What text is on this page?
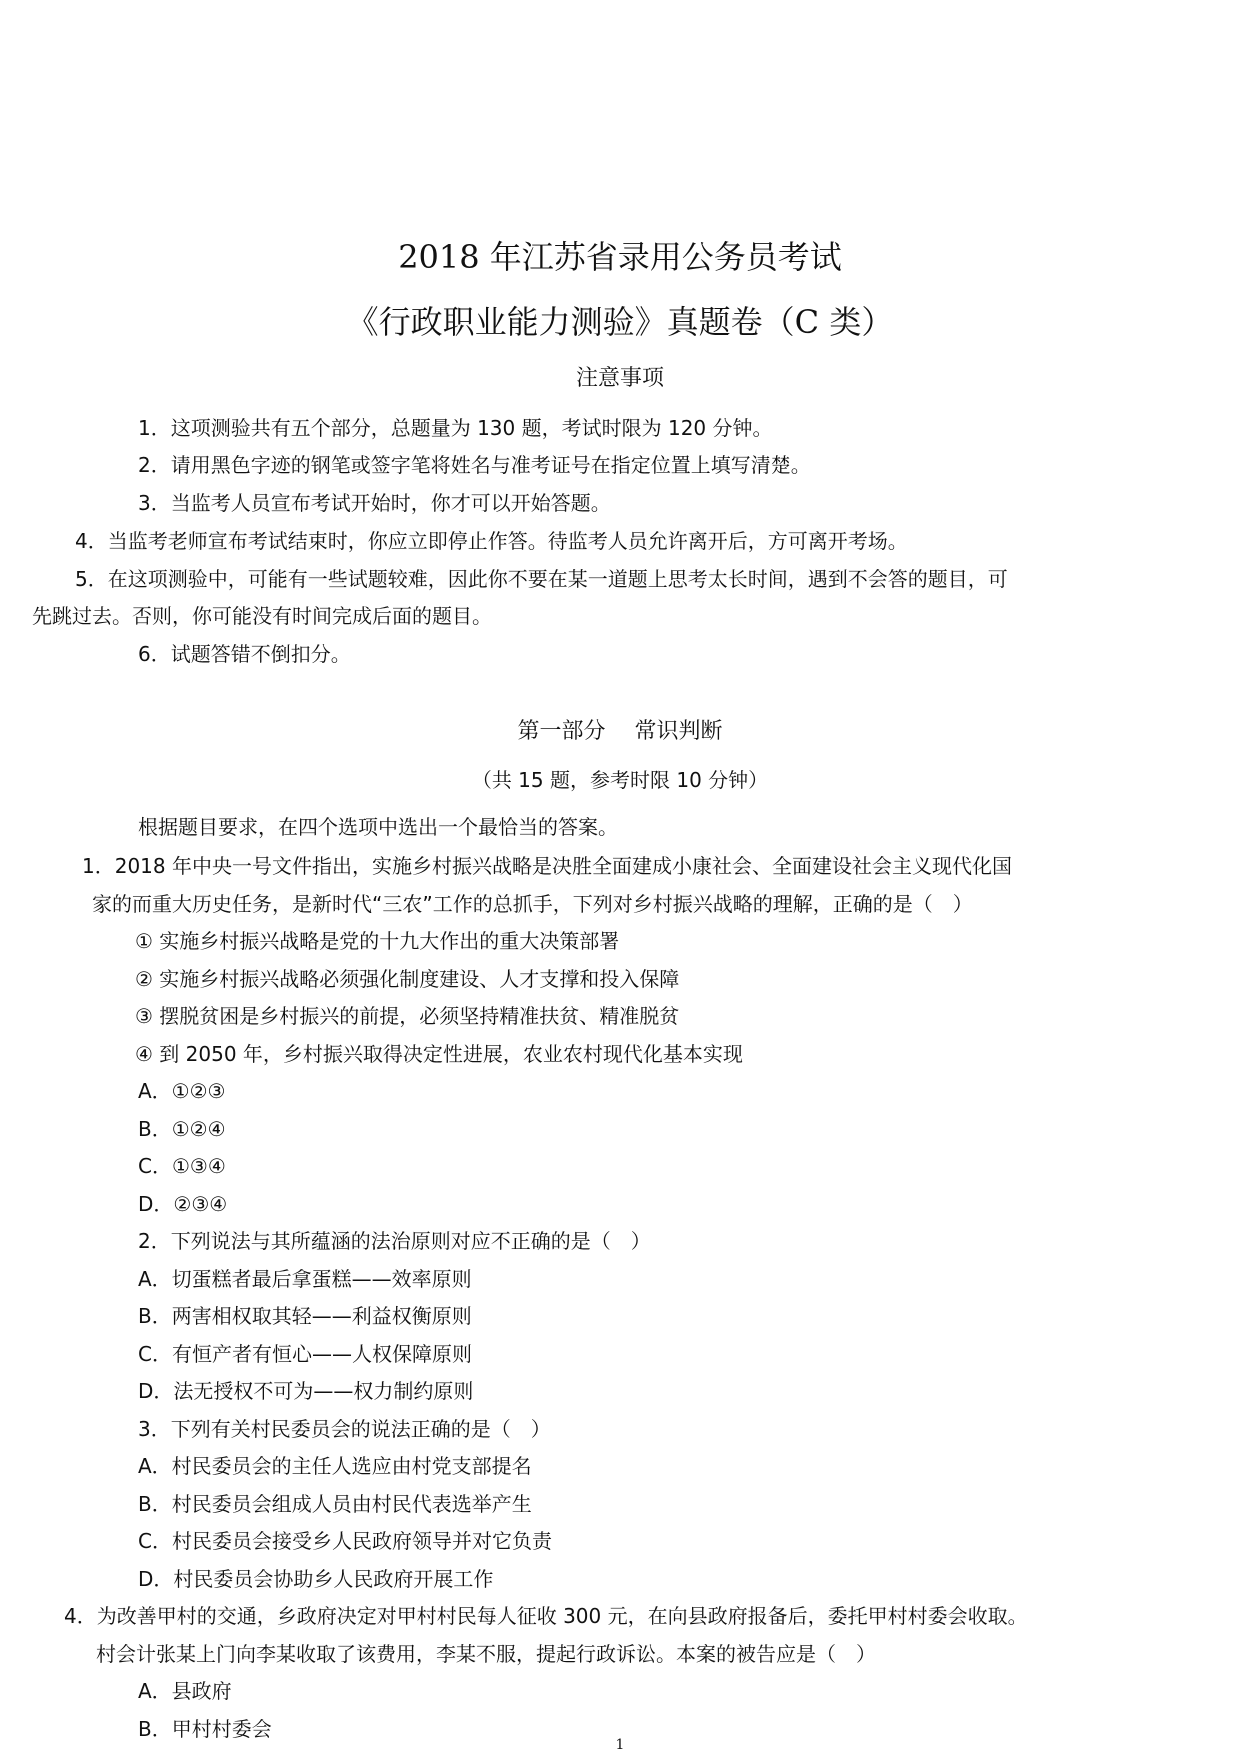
2018 年江苏省录用公务员考试
《行政职业能力测验》真题卷（C 类）
注意事项
1．这项测验共有五个部分，总题量为 130 题，考试时限为 120 分钟。
2．请用黑色字迹的钢笔或签字笔将姓名与准考证号在指定位置上填写清楚。
3．当监考人员宣布考试开始时，你才可以开始答题。
4．当监考老师宣布考试结束时，你应立即停止作答。待监考人员允许离开后，方可离开考场。
5．在这项测验中，可能有一些试题较难，因此你不要在某一道题上思考太长时间，遇到不会答的题目，可
先跳过去。否则，你可能没有时间完成后面的题目。
6．试题答错不倒扣分。
第一部分　 常识判断
（共 15 题，参考时限 10 分钟）
根据题目要求，在四个选项中选出一个最恰当的答案。
1．2018 年中央一号文件指出，实施乡村振兴战略是决胜全面建成小康社会、全面建设社会主义现代化国
家的而重大历史任务，是新时代“三农”工作的总抓手，下列对乡村振兴战略的理解，正确的是（　）
① 实施乡村振兴战略是党的十九大作出的重大决策部署
② 实施乡村振兴战略必须强化制度建设、人才支撑和投入保障
③ 摆脱贫困是乡村振兴的前提，必须坚持精准扶贫、精准脱贫
④ 到 2050 年，乡村振兴取得决定性进展，农业农村现代化基本实现
A．①②③
B．①②④
C．①③④
D．②③④
2．下列说法与其所蕴涵的法治原则对应不正确的是（　）
A．切蛋糕者最后拿蛋糕——效率原则
B．两害相权取其轻——利益权衡原则
C．有恒产者有恒心——人权保障原则
D．法无授权不可为——权力制约原则
3．下列有关村民委员会的说法正确的是（　）
A．村民委员会的主任人选应由村党支部提名
B．村民委员会组成人员由村民代表选举产生
C．村民委员会接受乡人民政府领导并对它负责
D．村民委员会协助乡人民政府开展工作
4．为改善甲村的交通，乡政府决定对甲村村民每人征收 300 元，在向县政府报备后，委托甲村村委会收取。
村会计张某上门向李某收取了该费用，李某不服，提起行政诉讼。本案的被告应是（　）
A．县政府
B．甲村村委会
1
